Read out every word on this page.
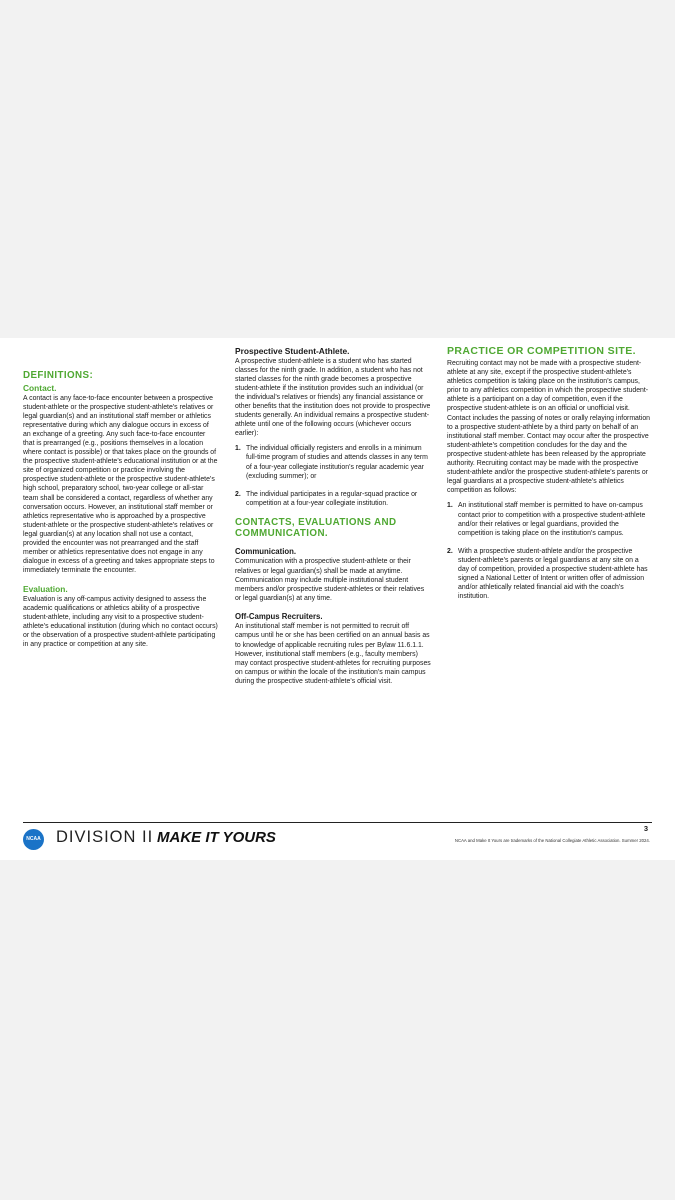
DEFINITIONS:
Contact.

A contact is any face-to-face encounter between a prospective student-athlete or the prospective student-athlete’s relatives or legal guardian(s) and an institutional staff member or athletics representative during which any dialogue occurs in excess of an exchange of a greeting. Any such face-to-face encounter that is prearranged (e.g., positions themselves in a location where contact is possible) or that takes place on the grounds of the prospective student-athlete’s educational institution or at the site of organized competition or practice involving the prospective student-athlete or the prospective student-athlete’s high school, preparatory school, two-year college or all-star team shall be considered a contact, regardless of whether any conversation occurs. However, an institutional staff member or athletics representative who is approached by a prospective student-athlete or the prospective student-athlete’s relatives or legal guardian(s) at any location shall not use a contact, provided the encounter was not prearranged and the staff member or athletics representative does not engage in any dialogue in excess of a greeting and takes appropriate steps to immediately terminate the encounter.

Evaluation.

Evaluation is any off-campus activity designed to assess the academic qualifications or athletics ability of a prospective student-athlete, including any visit to a prospective student-athlete’s educational institution (during which no contact occurs) or the observation of a prospective student-athlete participating in any practice or competition at any site.

Prospective Student-Athlete.

A prospective student-athlete is a student who has started classes for the ninth grade. In addition, a student who has not started classes for the ninth grade becomes a prospective student-athlete if the institution provides such an individual (or the individual’s relatives or friends) any financial assistance or other benefits that the institution does not provide to prospective students generally. An individual remains a prospective student-athlete until one of the following occurs (whichever occurs earlier):

1. The individual officially registers and enrolls in a minimum full-time program of studies and attends classes in any term of a four-year collegiate institution’s regular academic year (excluding summer); or
2. The individual participates in a regular-squad practice or competition at a four-year collegiate institution.
CONTACTS, EVALUATIONS AND COMMUNICATION.
Communication.

Communication with a prospective student-athlete or their relatives or legal guardian(s) shall be made at anytime. Communication may include multiple institutional student members and/or prospective student-athletes or their relatives or legal guardian(s) at any time.

Off-Campus Recruiters.

An institutional staff member is not permitted to recruit off campus until he or she has been certified on an annual basis as to knowledge of applicable recruiting rules per Bylaw 11.6.1.1. However, institutional staff members (e.g., faculty members) may contact prospective student-athletes for recruiting purposes on campus or within the locale of the institution’s main campus during the prospective student-athlete’s official visit.

PRACTICE OR COMPETITION SITE.

Recruiting contact may not be made with a prospective student-athlete at any site, except if the prospective student-athlete’s athletics competition is taking place on the institution’s campus, prior to any athletics competition in which the prospective student-athlete is a participant on a day of competition, even if the prospective student-athlete is on an official or unofficial visit. Contact includes the passing of notes or orally relaying information to a prospective student-athlete by a third party on behalf of an institutional staff member. Contact may occur after the prospective student-athlete’s competition concludes for the day and the prospective student-athlete has been released by the appropriate authority. Recruiting contact may be made with the prospective student-athlete and/or the prospective student-athlete’s parents or legal guardians at a prospective student-athlete’s athletics competition as follows:

1. An institutional staff member is permitted to have on-campus contact prior to competition with a prospective student-athlete and/or their relatives or legal guardians, provided the competition is taking place on the institution’s campus.
2. With a prospective student-athlete and/or the prospective student-athlete’s parents or legal guardians at any site on a day of competition, provided a prospective student-athlete has signed a National Letter of Intent or written offer of admission and/or athletically related financial aid with the coach’s institution.
NCAA DIVISION II MAKE IT YOURS
3
NCAA and Make It Yours are trademarks of the National Collegiate Athletic Association. Summer 2024.
